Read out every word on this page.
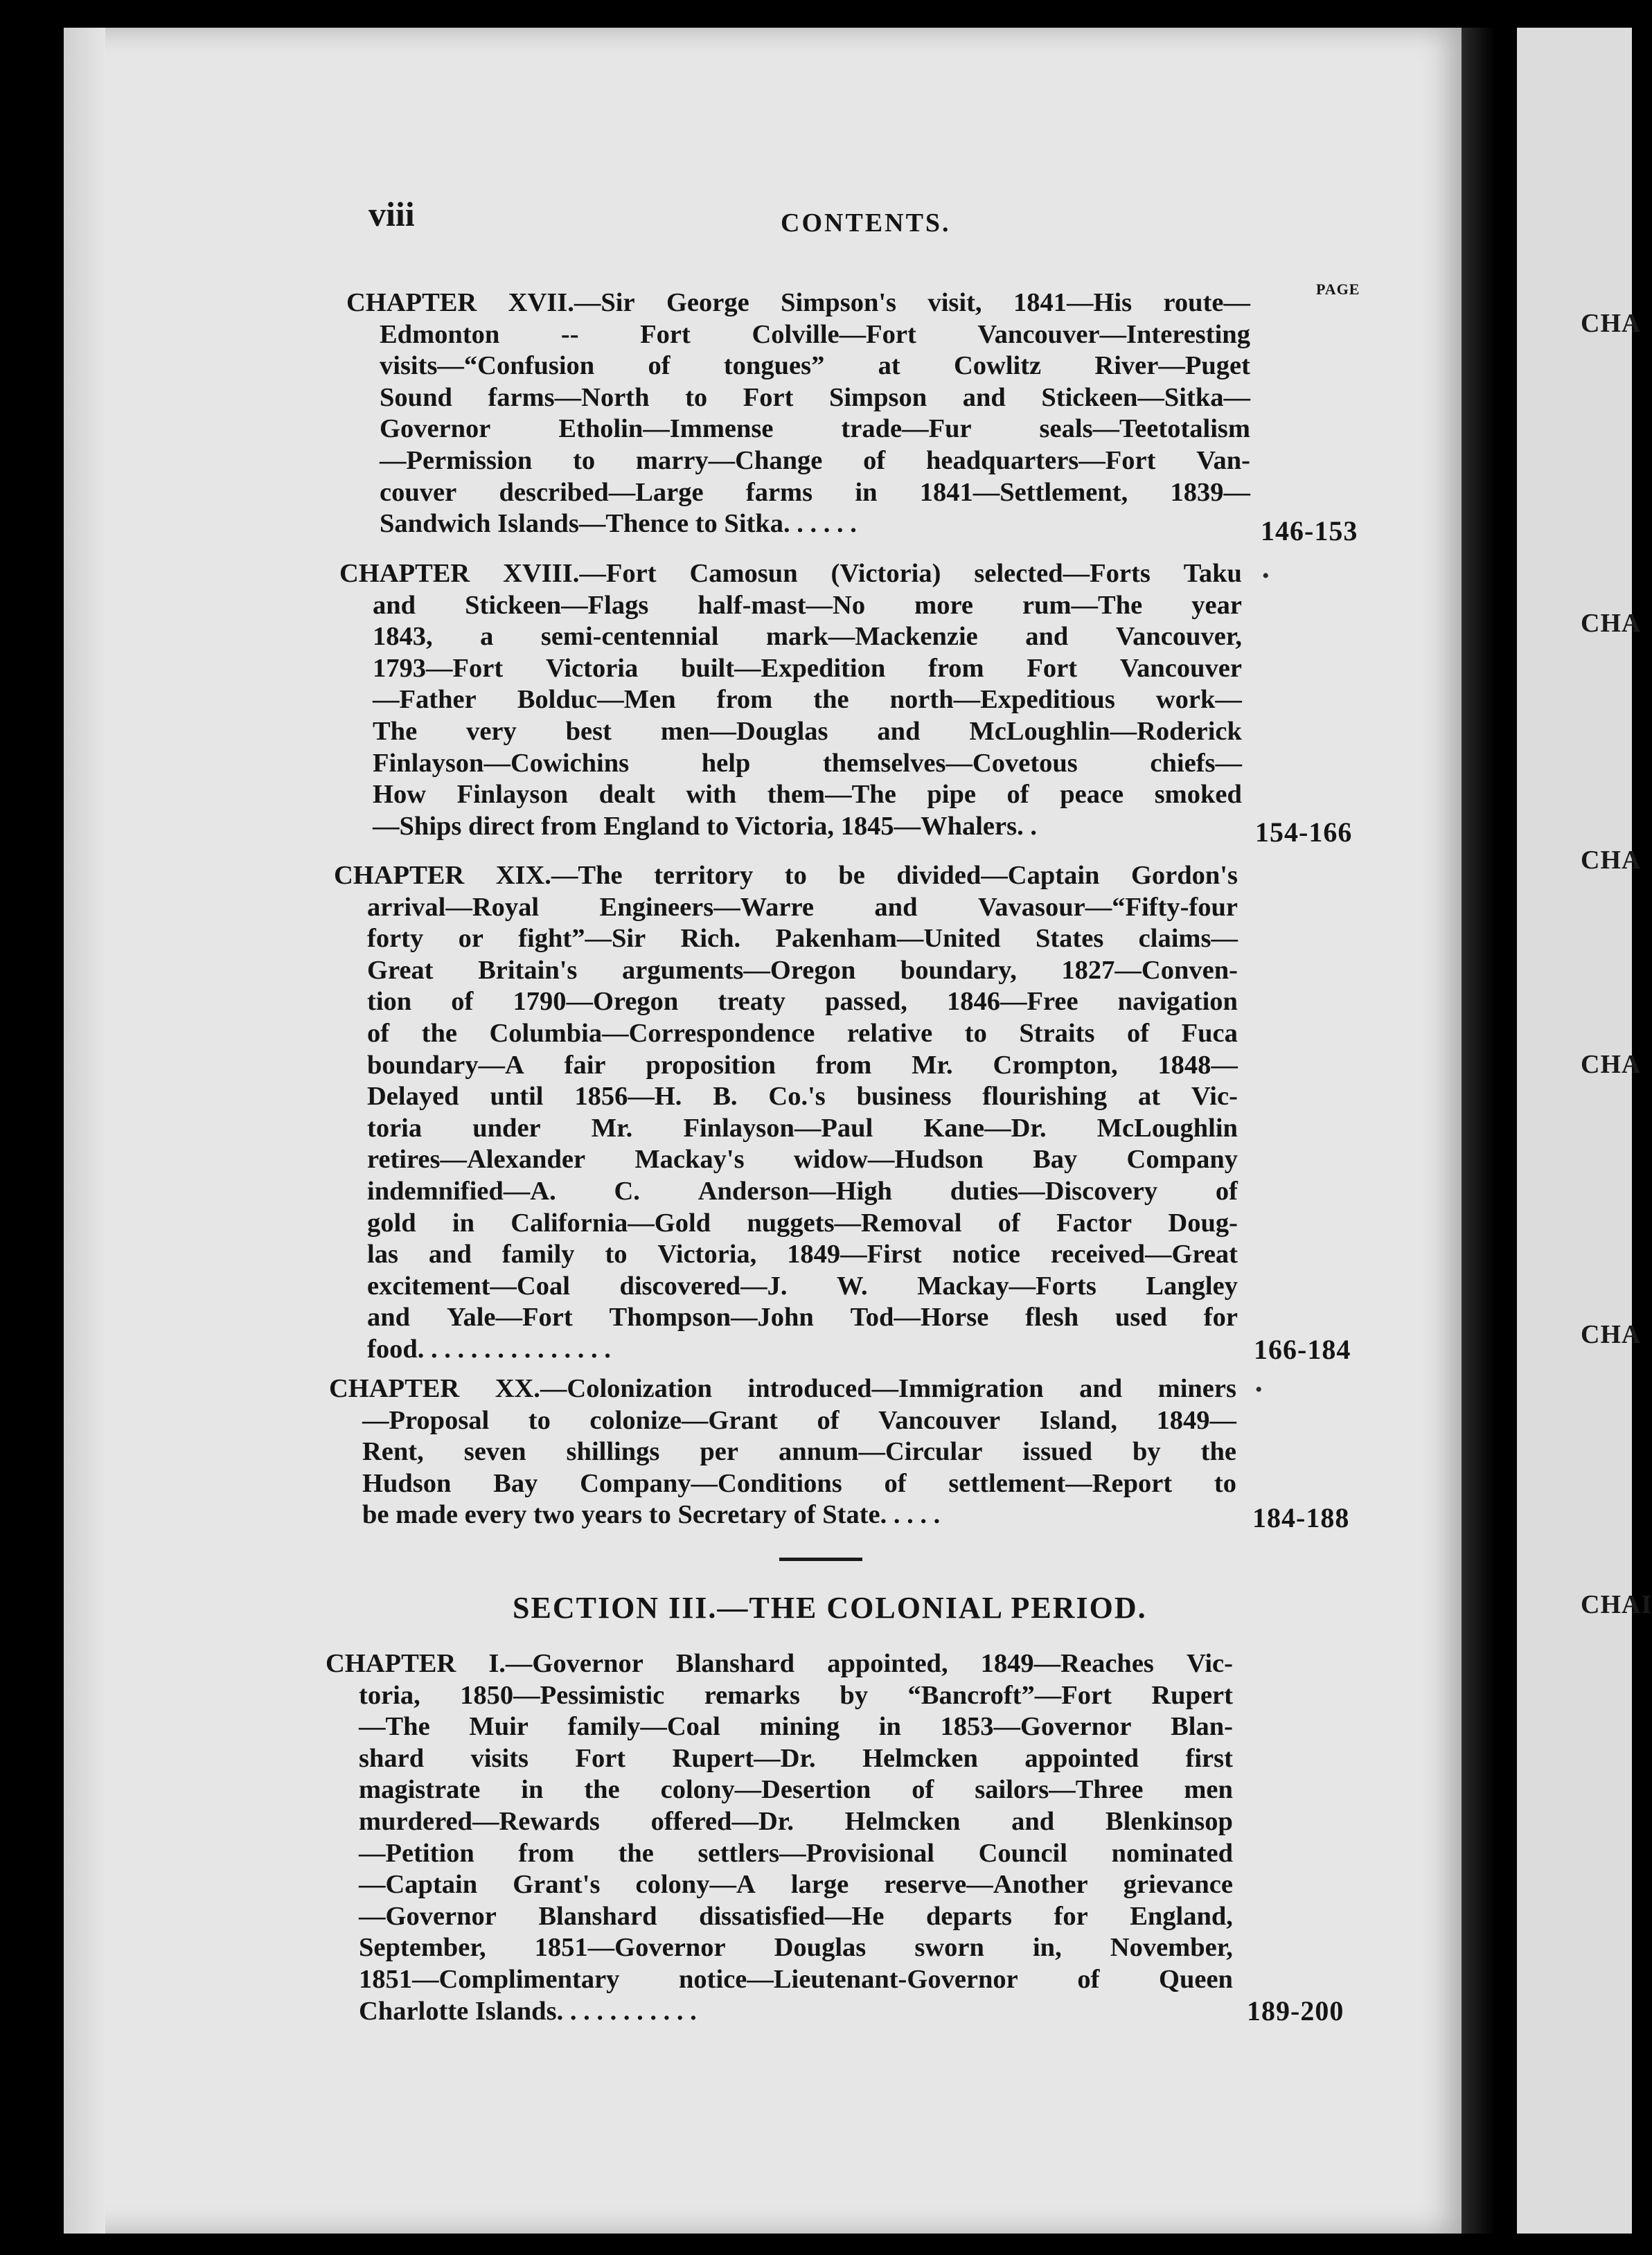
CHA
CHA
CHA
CHA
CHA
CHAI
viii	CONTENTS.
PAGE
CHAPTER XVII.—Sir George Simpson's visit, 1841—His route—
Edmonton -- Fort Colville—Fort Vancouver—Interesting
visits—“Confusion of tongues” at Cowlitz River—Puget
Sound farms—North to Fort Simpson and Stickeen—Sitka—
Governor	Etholin—Immense	trade—Fur	seals—Teetotalism
—Permission to marry—Change of headquarters—Fort Van-
couver described—Large farms in 1841—Settlement, 1839—
Sandwich Islands—Thence to Sitka. . . . . .	146-153
CHAPTER XVIII.—Fort Camosun (Victoria) selected—Forts Taku
and Stickeen—Flags half-mast—No more rum—The year
1843, a semi-centennial mark—Mackenzie and Vancouver,
1793—Fort Victoria built—Expedition from Fort Vancouver
—Father Bolduc—Men from the north—Expeditious work—
The very best men—Douglas and McLoughlin—Roderick
Finlayson—Cowichins	help	themselves—Covetous	chiefs—
How Finlayson dealt with them—The pipe of peace smoked
—Ships direct from England to Victoria, 1845—Whalers. .	154-166
CHAPTER XIX.—The territory to be divided—Captain Gordon's
arrival—Royal Engineers—Warre and Vavasour—“Fifty-four
forty or fight”—Sir Rich. Pakenham—United States claims—
Great Britain's arguments—Oregon boundary, 1827—Conven-
tion of 1790—Oregon treaty passed, 1846—Free navigation
of the Columbia—Correspondence relative to Straits of Fuca
boundary—A fair proposition from Mr. Crompton, 1848—
Delayed until 1856—H. B. Co.'s business flourishing at Vic-
toria under Mr. Finlayson—Paul Kane—Dr. McLoughlin
retires—Alexander Mackay's widow—Hudson Bay Company
indemnified—A. C. Anderson—High duties—Discovery of
gold in California—Gold nuggets—Removal of Factor Doug-
las and family to Victoria, 1849—First notice received—Great
excitement—Coal discovered—J. W. Mackay—Forts Langley
and Yale—Fort Thompson—John Tod—Horse flesh used for
food. . . . . . . . . . . . . . .	166-184
CHAPTER XX.—Colonization introduced—Immigration and miners
—Proposal to colonize—Grant of Vancouver Island, 1849—
Rent, seven shillings per annum—Circular issued by the
Hudson Bay Company—Conditions of settlement—Report to
be made every two years to Secretary of State. . . . .	184-188
SECTION III.—THE COLONIAL PERIOD.
CHAPTER I.—Governor Blanshard appointed, 1849—Reaches Vic-
toria, 1850—Pessimistic remarks by “Bancroft”—Fort Rupert
—The Muir family—Coal mining in 1853—Governor Blan-
shard visits Fort Rupert—Dr. Helmcken appointed first
magistrate in the colony—Desertion of sailors—Three men
murdered—Rewards offered—Dr. Helmcken and Blenkinsop
—Petition from the settlers—Provisional Council nominated
—Captain Grant's colony—A large reserve—Another grievance
—Governor Blanshard dissatisfied—He departs for England,
September, 1851—Governor Douglas sworn in, November,
1851—Complimentary notice—Lieutenant-Governor of Queen
Charlotte Islands. . . . . . . . . . .	189-200
•
•
